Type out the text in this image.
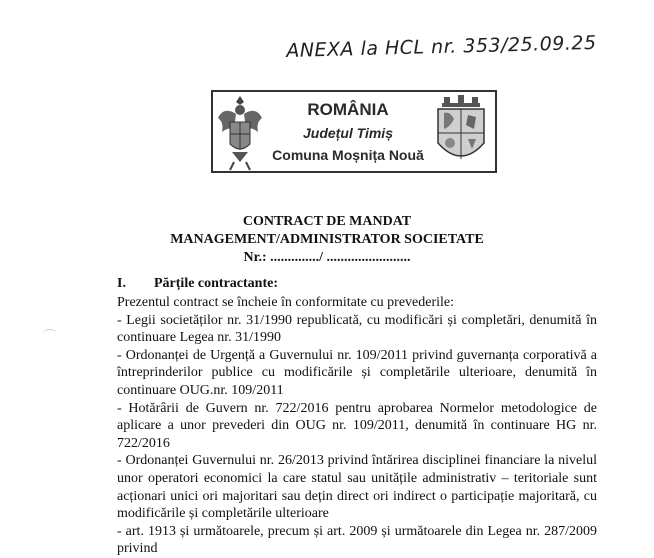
ANEXA la HCL nr. 353/25.09.25
ROMÂNIA
Județul Timiș
Comuna Moșnița Nouă
CONTRACT DE MANDAT
MANAGEMENT/ADMINISTRATOR SOCIETATE
Nr.: ............../ ........................
I. Părțile contractante:

Prezentul contract se încheie în conformitate cu prevederile:

- Legii societăților nr. 31/1990 republicată, cu modificări și completări, denumită în continuare Legea nr. 31/1990

- Ordonanței de Urgență a Guvernului nr. 109/2011 privind guvernanța corporativă a întreprinderilor publice cu modificările și completările ulterioare, denumită în continuare OUG.nr. 109/2011

- Hotărârii de Guvern nr. 722/2016 pentru aprobarea Normelor metodologice de aplicare a unor prevederi din OUG nr. 109/2011, denumită în continuare HG nr. 722/2016

- Ordonanței Guvernului nr. 26/2013 privind întărirea disciplinei financiare la nivelul unor operatori economici la care statul sau unitățile administrativ – teritoriale sunt acționari unici ori majoritari sau dețin direct ori indirect o participație majoritară, cu modificările și completările ulterioare

- art. 1913 și următoarele, precum și art. 2009 și următoarele din Legea nr. 287/2009 privind
